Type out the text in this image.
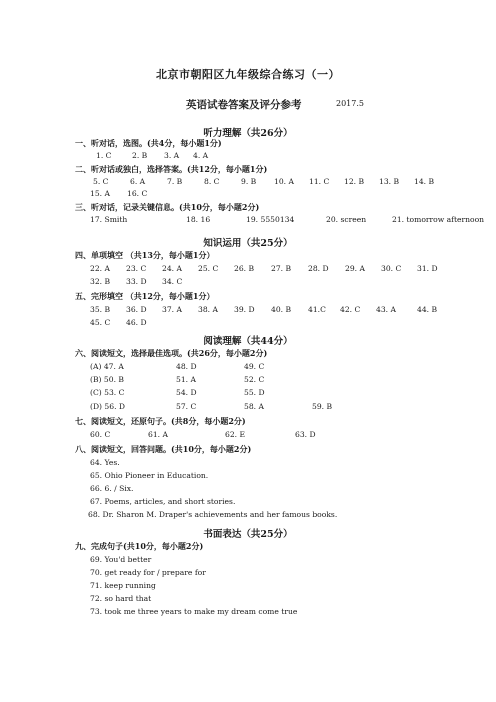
北京市朝阳区九年级综合练习（一）
英语试卷答案及评分参考	2017.5
听力理解（共26分）
一、听对话，选图。(共4分，每小题1分)
1. C	2. B 3. A 4. A
二、听对话或独白，选择答案。(共12分，每小题1分)
5. C	6. A	7. B	8. C	9. B 10. A 11. C 12. B 13. B 14. B
15. A 16. C
三、听对话，记录关键信息。(共10分，每小题2分)
17. Smith	18. 16	19. 5550134	20. screen	21. tomorrow afternoon
知识运用（共25分）
四、单项填空 （共13分，每小题1分）
22. A 23. C 24. A 25. C 26. B 27. B 28. D 29. A 30. C 31. D
32. B 33. D 34. C
五、完形填空 （共12分，每小题1分）
35. B 36. D 37. A 38. A 39. D 40. B 41.C 42. C 43. A	44. B
45. C 46. D
阅读理解（共44分）
六、阅读短文，选择最佳选项。(共26分，每小题2分)
(A) 47. A	48. D	49. C
(B) 50. B	51. A	52. C
(C) 53. C	54. D	55. D
(D) 56. D	57. C	58. A	59. B
七、阅读短文，还原句子。(共8分，每小题2分)
60. C	61. A	62. E	63. D
八、阅读短文，回答问题。(共10分，每小题2分)
64. Yes.
65. Ohio Pioneer in Education.
66. 6. / Six.
67. Poems, articles, and short stories.
68. Dr. Sharon M. Draper's achievements and her famous books.
书面表达（共25分）
九、完成句子(共10分，每小题2分)
69. You'd better
70. get ready for / prepare for
71. keep running
72. so hard that
73. took me three years to make my dream come true
